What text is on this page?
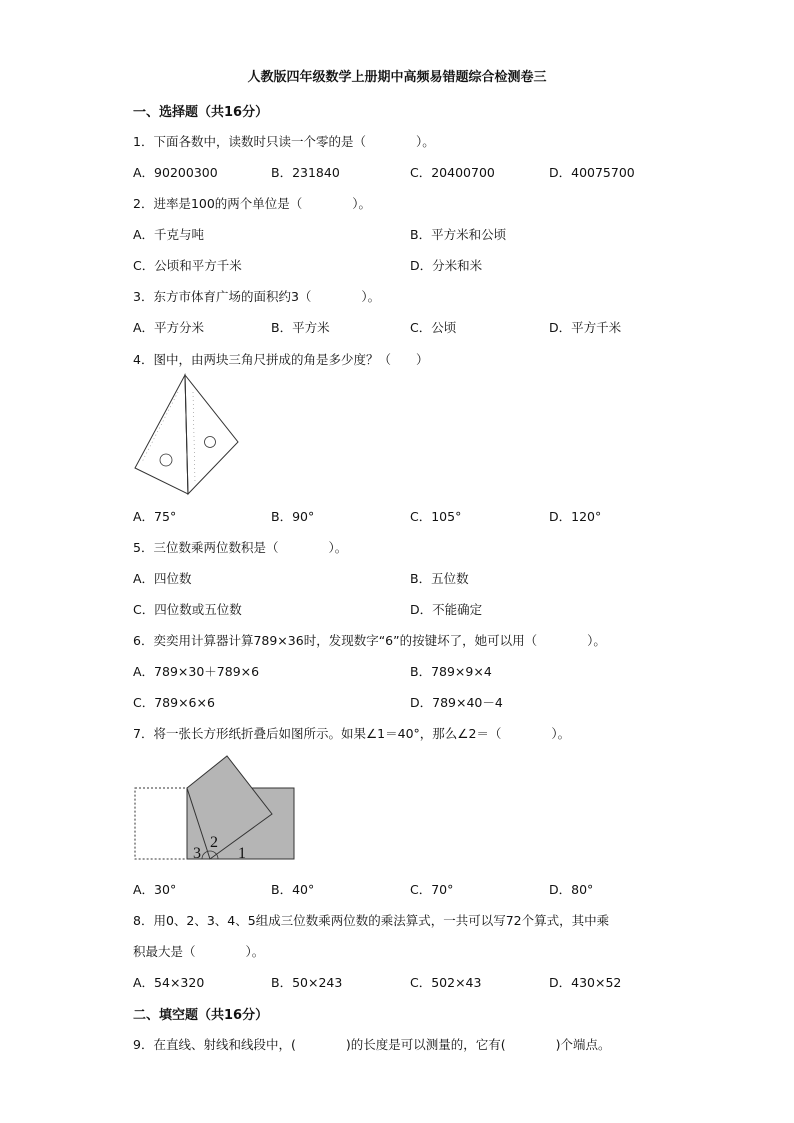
人教版四年级数学上册期中高频易错题综合检测卷三
一、选择题（共16分）
1．下面各数中，读数时只读一个零的是（　　　　）。
A．90200300	B．231840	C．20400700	D．40075700
2．进率是100的两个单位是（　　　　）。
A．千克与吨	B．平方米和公顷
C．公顷和平方千米	D．分米和米
3．东方市体育广场的面积约3（　　　　）。
A．平方分米	B．平方米	C．公顷	D．平方千米
4．图中，由两块三角尺拼成的角是多少度？（　　）
A．75°	B．90°	C．105°	D．120°
5．三位数乘两位数积是（　　　　）。
A．四位数	B．五位数
C．四位数或五位数	D．不能确定
6．奕奕用计算器计算789×36时，发现数字“6”的按键坏了，她可以用（　　　　）。
A．789×30＋789×6	B．789×9×4
C．789×6×6	D．789×40－4
7．将一张长方形纸折叠后如图所示。如果∠1＝40°，那么∠2＝（　　　　）。
3
2
1
A．30°	B．40°	C．70°	D．80°
8．用0、2、3、4、5组成三位数乘两位数的乘法算式，一共可以写72个算式，其中乘
积最大是（　　　　）。
A．54×320	B．50×243	C．502×43	D．430×52
二、填空题（共16分）
9．在直线、射线和线段中，(　　　　)的长度是可以测量的，它有(　　　　)个端点。
